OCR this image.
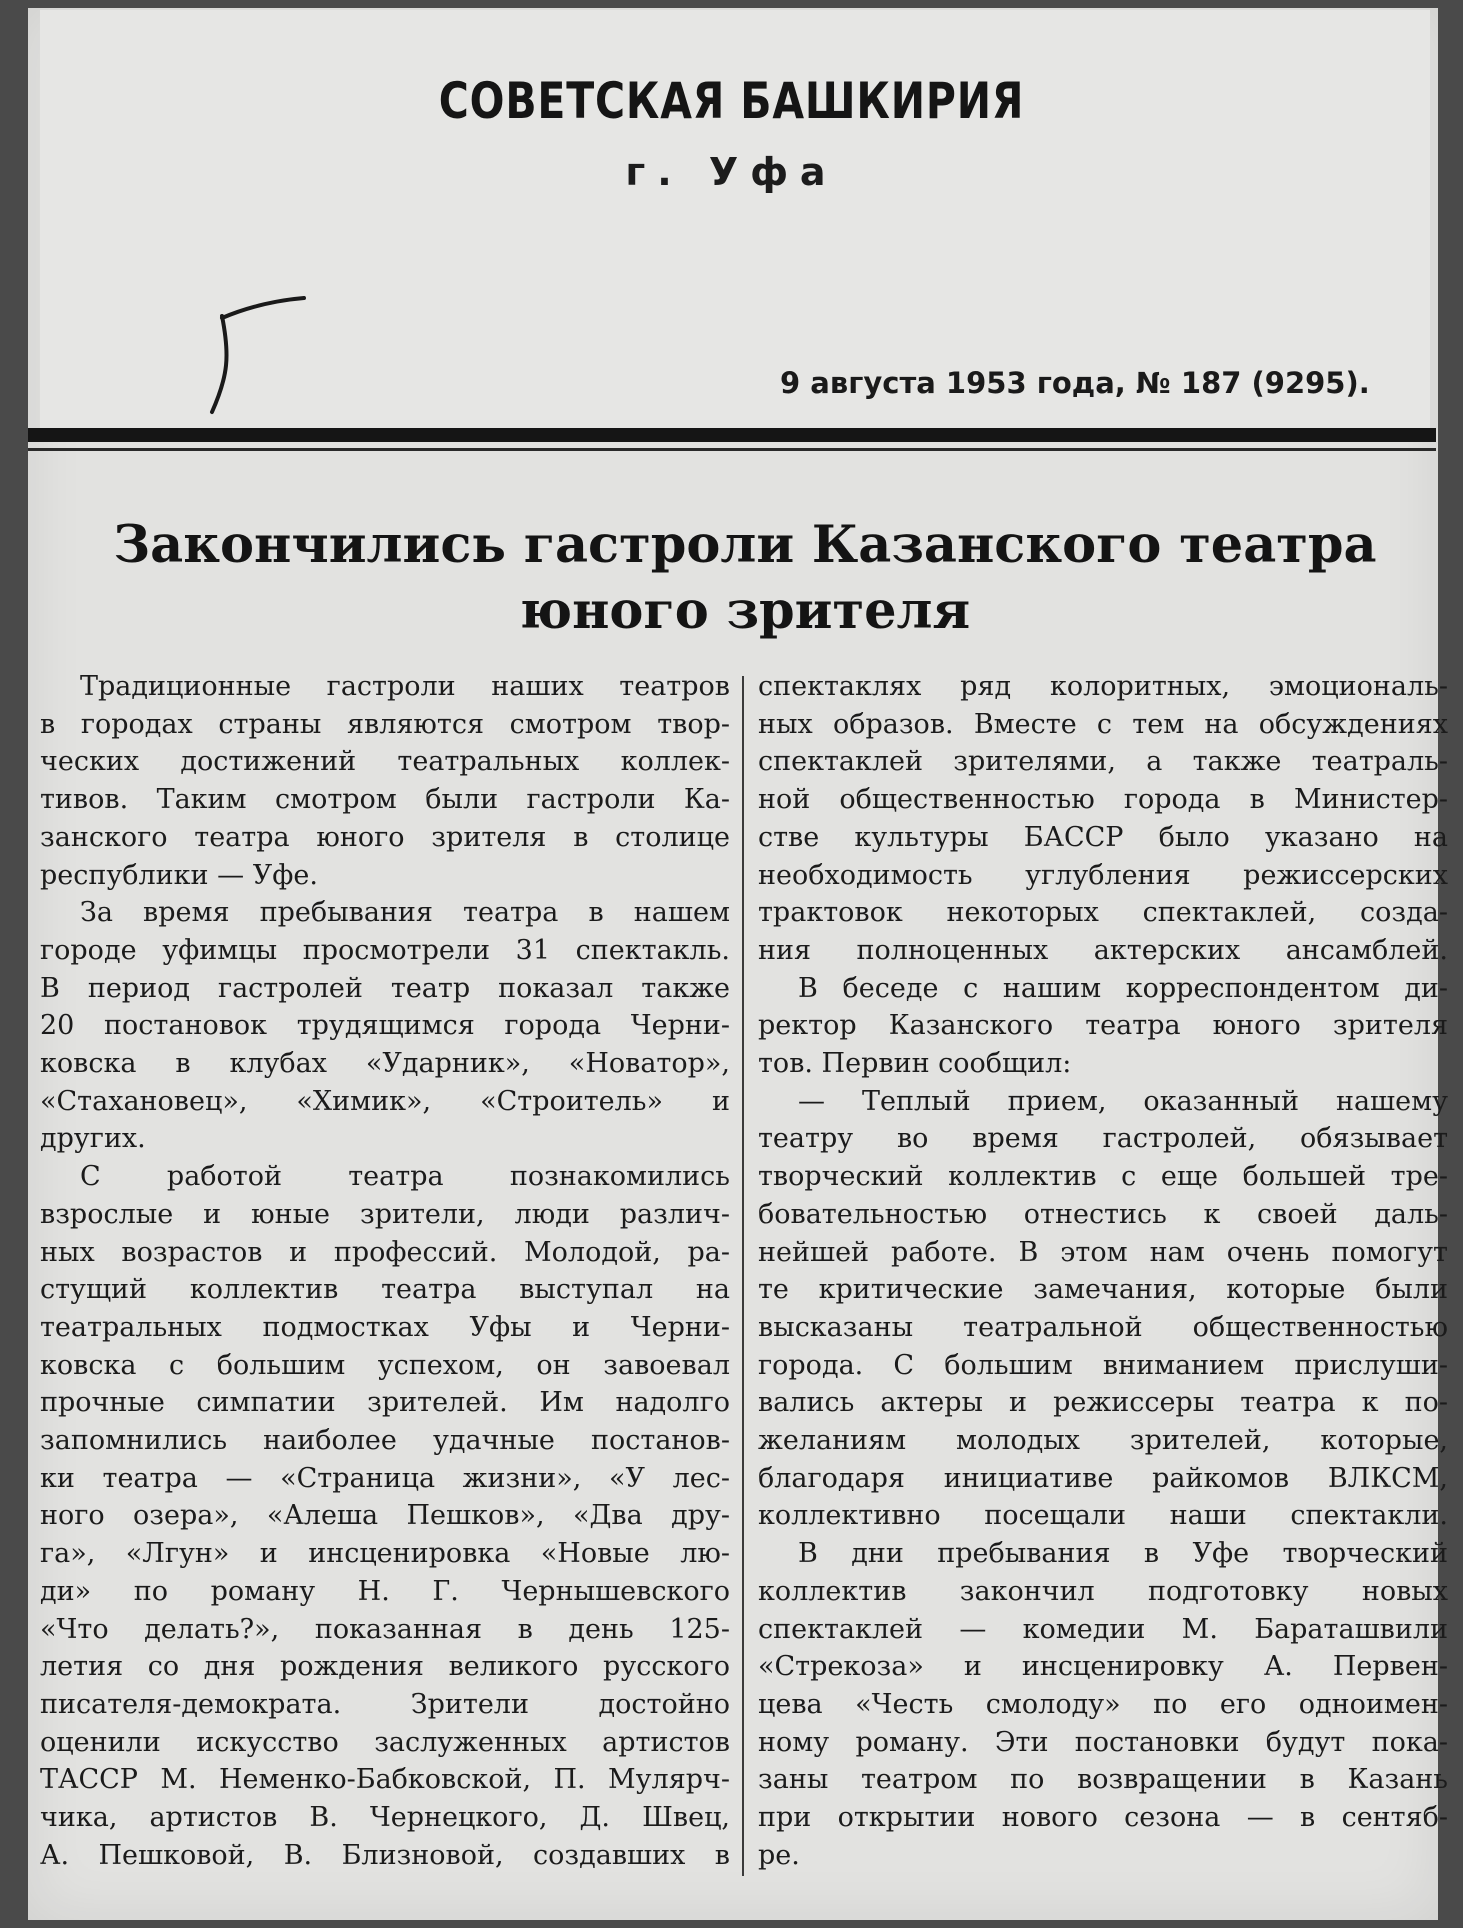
СОВЕТСКАЯ БАШКИРИЯ
г. Уфа
9 августа 1953 года, № 187 (9295).
Закончились гастроли Казанского театра
юного зрителя
Традиционные гастроли наших театров
в городах страны являются смотром твор-
ческих достижений театральных коллек-
тивов. Таким смотром были гастроли Ка-
занского театра юного зрителя в столице
республики — Уфе.
За время пребывания театра в нашем
городе уфимцы просмотрели 31 спектакль.
В период гастролей театр показал также
20 постановок трудящимся города Черни-
ковска в клубах «Ударник», «Новатор»,
«Стахановец», «Химик», «Строитель» и
других.
С работой театра познакомились
взрослые и юные зрители, люди различ-
ных возрастов и профессий. Молодой, ра-
стущий коллектив театра выступал на
театральных подмостках Уфы и Черни-
ковска с большим успехом, он завоевал
прочные симпатии зрителей. Им надолго
запомнились наиболее удачные постанов-
ки театра — «Страница жизни», «У лес-
ного озера», «Алеша Пешков», «Два дру-
га», «Лгун» и инсценировка «Новые лю-
ди» по роману Н. Г. Чернышевского
«Что делать?», показанная в день 125-
летия со дня рождения великого русского
писателя-демократа. Зрители достойно
оценили искусство заслуженных артистов
ТАССР М. Неменко-Бабковской, П. Мулярч-
чика, артистов В. Чернецкого, Д. Швец,
А. Пешковой, В. Близновой, создавших в
спектаклях ряд колоритных, эмоциональ-
ных образов. Вместе с тем на обсуждениях
спектаклей зрителями, а также театраль-
ной общественностью города в Министер-
стве культуры БАССР было указано на
необходимость углубления режиссерских
трактовок некоторых спектаклей, созда-
ния полноценных актерских ансамблей.
В беседе с нашим корреспондентом ди-
ректор Казанского театра юного зрителя
тов. Первин сообщил:
— Теплый прием, оказанный нашему
театру во время гастролей, обязывает
творческий коллектив с еще большей тре-
бовательностью отнестись к своей даль-
нейшей работе. В этом нам очень помогут
те критические замечания, которые были
высказаны театральной общественностью
города. С большим вниманием прислуши-
вались актеры и режиссеры театра к по-
желаниям молодых зрителей, которые,
благодаря инициативе райкомов ВЛКСМ,
коллективно посещали наши спектакли.
В дни пребывания в Уфе творческий
коллектив закончил подготовку новых
спектаклей — комедии М. Бараташвили
«Стрекоза» и инсценировку А. Первен-
цева «Честь смолоду» по его одноимен-
ному роману. Эти постановки будут пока-
заны театром по возвращении в Казань
при открытии нового сезона — в сентяб-
ре.
